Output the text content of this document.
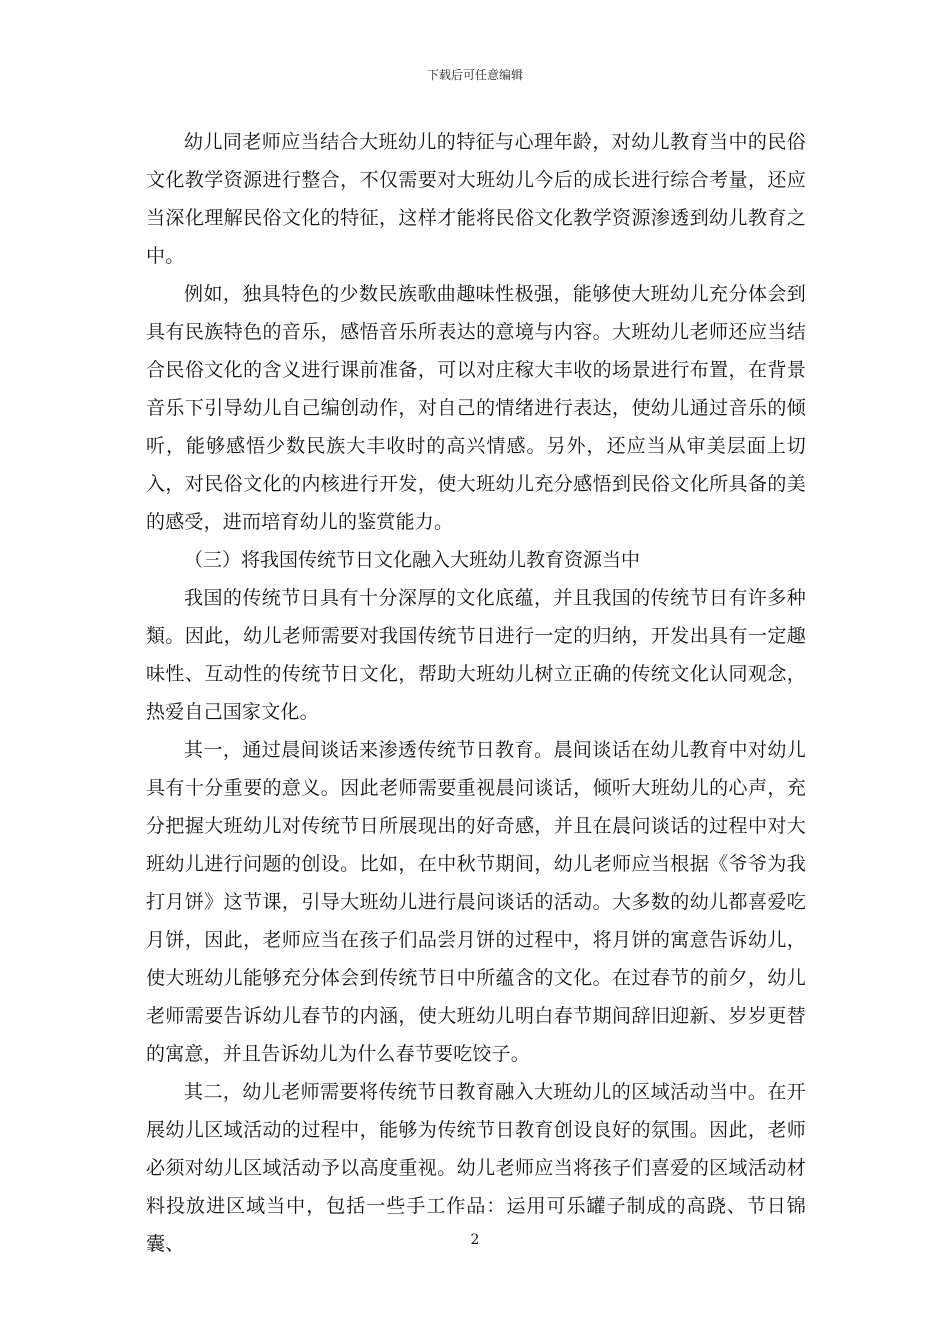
下载后可任意编辑

幼儿同老师应当结合大班幼儿的特征与心理年龄，对幼儿教育当中的民俗文化教学资源进行整合，不仅需要对大班幼儿今后的成长进行综合考量，还应当深化理解民俗文化的特征，这样才能将民俗文化教学资源渗透到幼儿教育之中。

例如，独具特色的少数民族歌曲趣味性极强，能够使大班幼儿充分体会到具有民族特色的音乐，感悟音乐所表达的意境与内容。大班幼儿老师还应当结合民俗文化的含义进行课前准备，可以对庄稼大丰收的场景进行布置，在背景音乐下引导幼儿自己编创动作，对自己的情绪进行表达，使幼儿通过音乐的倾听，能够感悟少数民族大丰收时的高兴情感。另外，还应当从审美层面上切入，对民俗文化的内核进行开发，使大班幼儿充分感悟到民俗文化所具备的美的感受，进而培育幼儿的鉴赏能力。

（三）将我国传统节日文化融入大班幼儿教育资源当中

我国的传统节日具有十分深厚的文化底蕴，并且我国的传统节日有许多种類。因此，幼儿老师需要对我国传统节日进行一定的归纳，开发出具有一定趣味性、互动性的传统节日文化，帮助大班幼儿树立正确的传统文化认同观念，热爱自己国家文化。

其一，通过晨间谈话来渗透传统节日教育。晨间谈话在幼儿教育中对幼儿具有十分重要的意义。因此老师需要重视晨问谈话，倾听大班幼儿的心声，充分把握大班幼儿对传统节日所展现出的好奇感，并且在晨问谈话的过程中对大班幼儿进行问题的创设。比如，在中秋节期间，幼儿老师应当根据《爷爷为我打月饼》这节课，引导大班幼儿进行晨问谈话的活动。大多数的幼儿都喜爱吃月饼，因此，老师应当在孩子们品尝月饼的过程中，将月饼的寓意告诉幼儿，使大班幼儿能够充分体会到传统节日中所蕴含的文化。在过春节的前夕，幼儿老师需要告诉幼儿春节的内涵，使大班幼儿明白春节期间辞旧迎新、岁岁更替的寓意，并且告诉幼儿为什么春节要吃饺子。

其二，幼儿老师需要将传统节日教育融入大班幼儿的区域活动当中。在开展幼儿区域活动的过程中，能够为传统节日教育创设良好的氛围。因此，老师必须对幼儿区域活动予以高度重视。幼儿老师应当将孩子们喜爱的区域活动材料投放进区域当中，包括一些手工作品：运用可乐罐子制成的高跷、节日锦囊、	2
